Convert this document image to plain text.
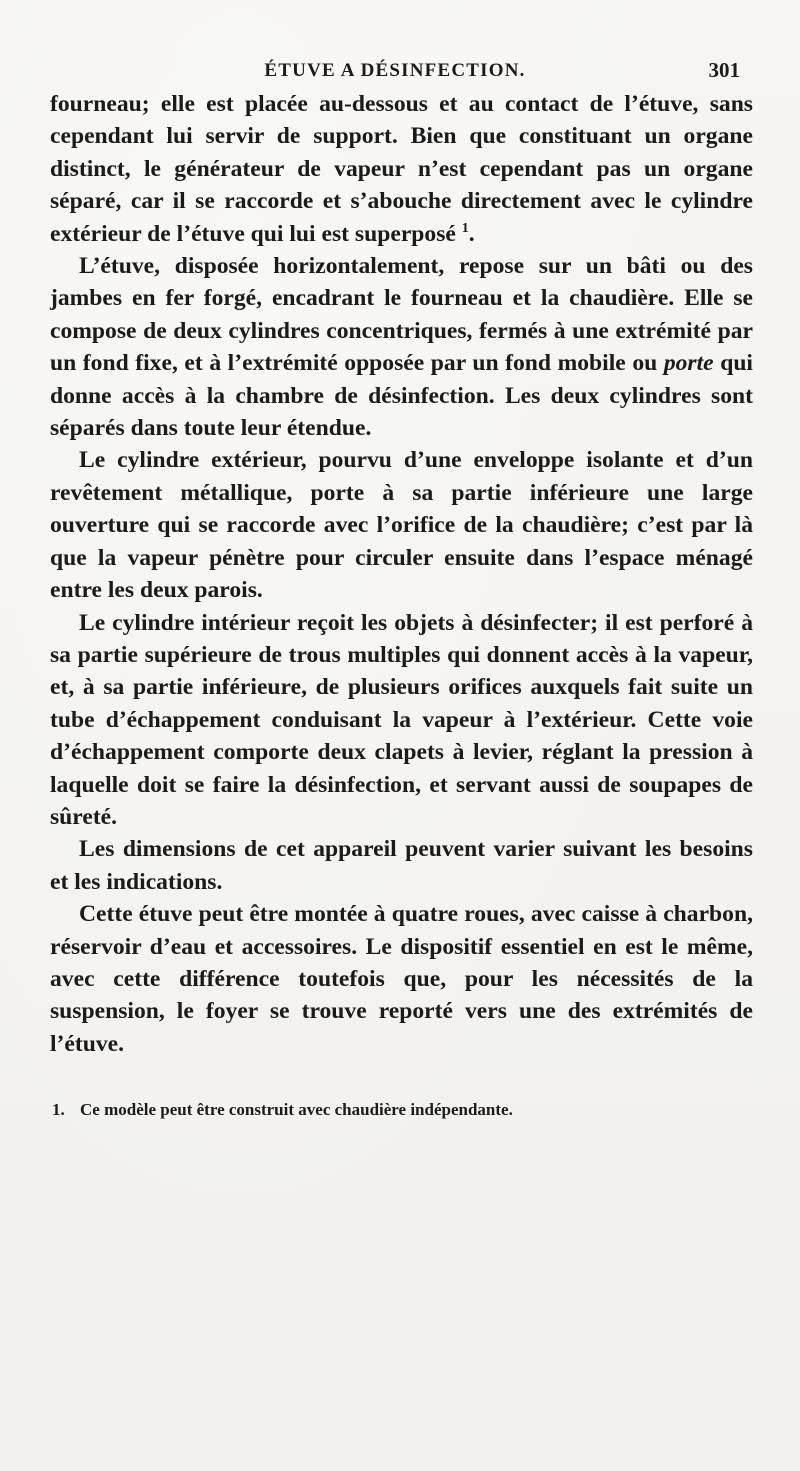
ÉTUVE A DÉSINFECTION.	301

fourneau; elle est placée au-dessous et au contact de l’étuve, sans cependant lui servir de support. Bien que constituant un organe distinct, le générateur de vapeur n’est cependant pas un organe séparé, car il se raccorde et s’abouche directement avec le cylindre extérieur de l’étuve qui lui est superposé $^1$.

L’étuve, disposée horizontalement, repose sur un bâti ou des jambes en fer forgé, encadrant le fourneau et la chaudière. Elle se compose de deux cylindres concentriques, fermés à une extrémité par un fond fixe, et à l’extrémité opposée par un fond mobile ou porte qui donne accès à la chambre de désinfection. Les deux cylindres sont séparés dans toute leur étendue.

Le cylindre extérieur, pourvu d’une enveloppe isolante et d’un revêtement métallique, porte à sa partie inférieure une large ouverture qui se raccorde avec l’orifice de la chaudière; c’est par là que la vapeur pénètre pour circuler ensuite dans l’espace ménagé entre les deux parois.

Le cylindre intérieur reçoit les objets à désinfecter; il est perforé à sa partie supérieure de trous multiples qui donnent accès à la vapeur, et, à sa partie inférieure, de plusieurs orifices auxquels fait suite un tube d’échappement conduisant la vapeur à l’extérieur. Cette voie d’échappement comporte deux clapets à levier, réglant la pression à laquelle doit se faire la désinfection, et servant aussi de soupapes de sûreté.

Les dimensions de cet appareil peuvent varier suivant les besoins et les indications.

Cette étuve peut être montée à quatre roues, avec caisse à charbon, réservoir d’eau et accessoires. Le dispositif essentiel en est le même, avec cette différence toutefois que, pour les nécessités de la suspension, le foyer se trouve reporté vers une des extrémités de l’étuve.

1. Ce modèle peut être construit avec chaudière indépendante.
